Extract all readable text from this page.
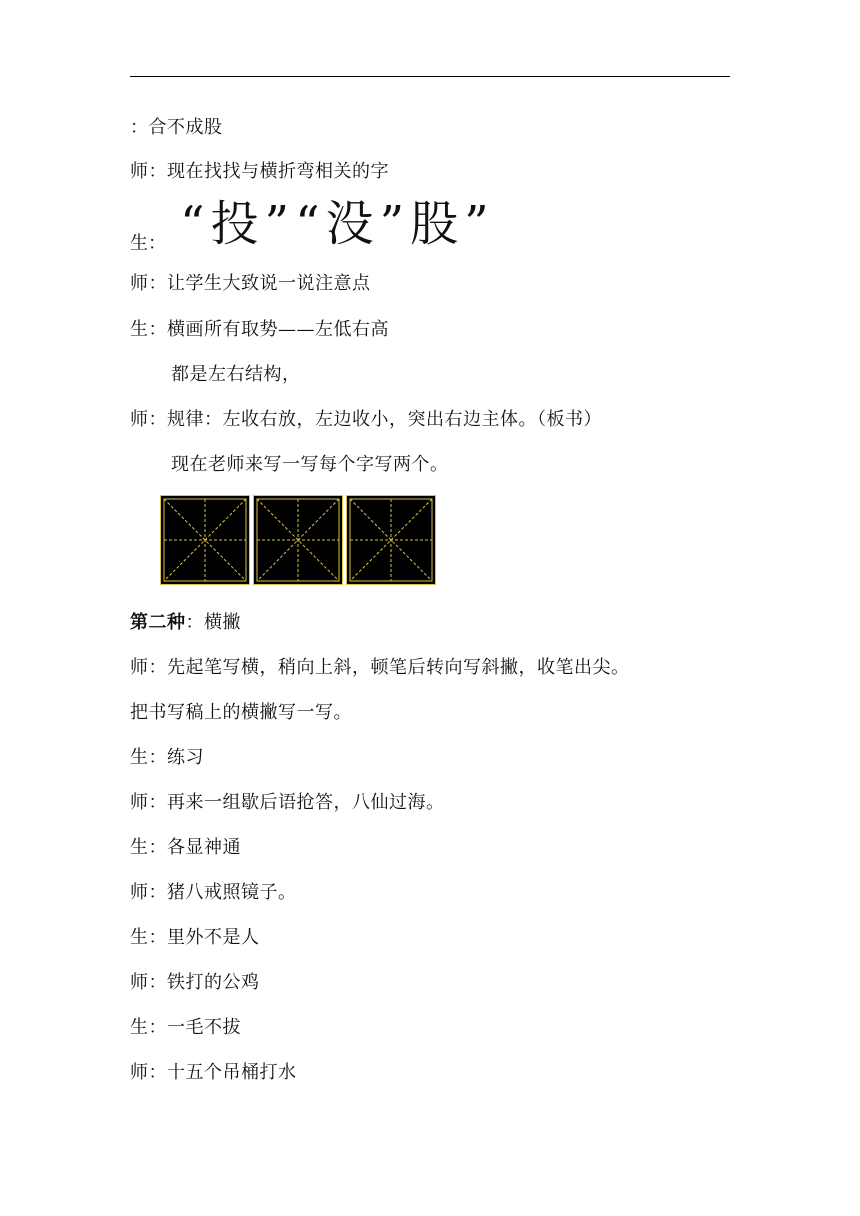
：合不成股
师：现在找找与横折弯相关的字
生： “投”“没”股”
师：让学生大致说一说注意点
生：横画所有取势——左低右高
都是左右结构，
师：规律：左收右放，左边收小，突出右边主体。（板书）
现在老师来写一写每个字写两个。
第二种：横撇
师：先起笔写横，稍向上斜，顿笔后转向写斜撇，收笔出尖。
把书写稿上的横撇写一写。
生：练习
师：再来一组歇后语抢答，八仙过海。
生：各显神通
师：猪八戒照镜子。
生：里外不是人
师：铁打的公鸡
生：一毛不拔
师：十五个吊桶打水
